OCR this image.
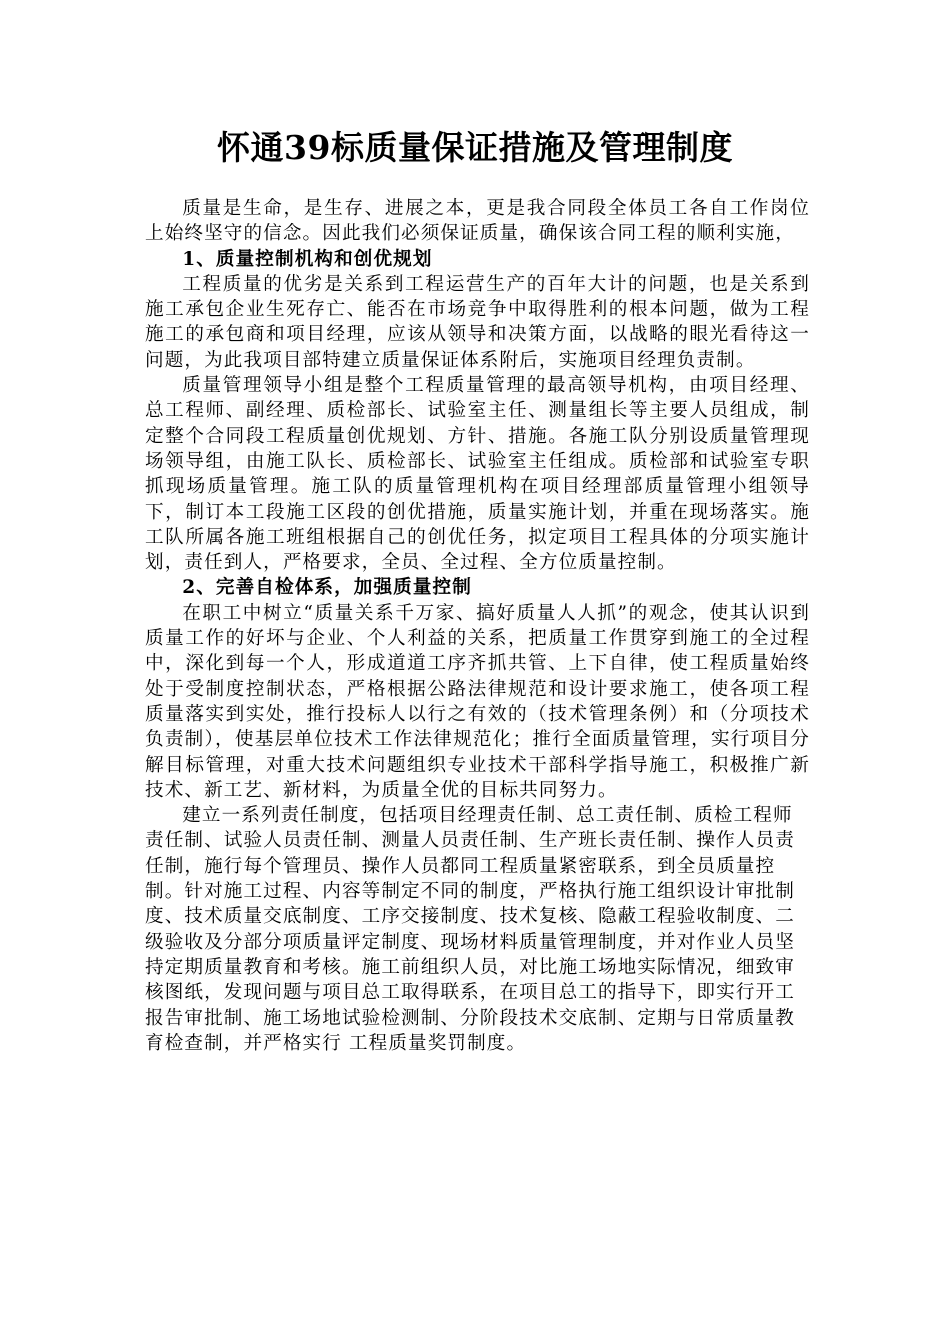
怀通39标质量保证措施及管理制度

质量是生命，是生存、进展之本，更是我合同段全体员工各自工作岗位上始终坚守的信念。因此我们必须保证质量，确保该合同工程的顺利实施，

1、质量控制机构和创优规划

工程质量的优劣是关系到工程运营生产的百年大计的问题，也是关系到施工承包企业生死存亡、能否在市场竞争中取得胜利的根本问题，做为工程施工的承包商和项目经理，应该从领导和决策方面，以战略的眼光看待这一问题，为此我项目部特建立质量保证体系附后，实施项目经理负责制。

质量管理领导小组是整个工程质量管理的最高领导机构，由项目经理、总工程师、副经理、质检部长、试验室主任、测量组长等主要人员组成，制定整个合同段工程质量创优规划、方针、措施。各施工队分别设质量管理现场领导组，由施工队长、质检部长、试验室主任组成。质检部和试验室专职抓现场质量管理。施工队的质量管理机构在项目经理部质量管理小组领导下，制订本工段施工区段的创优措施，质量实施计划，并重在现场落实。施工队所属各施工班组根据自己的创优任务，拟定项目工程具体的分项实施计划，责任到人，严格要求，全员、全过程、全方位质量控制。

2、完善自检体系，加强质量控制

在职工中树立“质量关系千万家、搞好质量人人抓”的观念，使其认识到质量工作的好坏与企业、个人利益的关系，把质量工作贯穿到施工的全过程中，深化到每一个人，形成道道工序齐抓共管、上下自律，使工程质量始终处于受制度控制状态，严格根据公路法律规范和设计要求施工，使各项工程质量落实到实处，推行投标人以行之有效的（技术管理条例）和（分项技术负责制），使基层单位技术工作法律规范化；推行全面质量管理，实行项目分解目标管理，对重大技术问题组织专业技术干部科学指导施工，积极推广新技术、新工艺、新材料，为质量全优的目标共同努力。

建立一系列责任制度，包括项目经理责任制、总工责任制、质检工程师责任制、试验人员责任制、测量人员责任制、生产班长责任制、操作人员责任制，施行每个管理员、操作人员都同工程质量紧密联系，到全员质量控制。针对施工过程、内容等制定不同的制度，严格执行施工组织设计审批制度、技术质量交底制度、工序交接制度、技术复核、隐蔽工程验收制度、二级验收及分部分项质量评定制度、现场材料质量管理制度，并对作业人员坚持定期质量教育和考核。施工前组织人员，对比施工场地实际情况，细致审核图纸，发现问题与项目总工取得联系，在项目总工的指导下，即实行开工报告审批制、施工场地试验检测制、分阶段技术交底制、定期与日常质量教育检查制，并严格实行 工程质量奖罚制度。
